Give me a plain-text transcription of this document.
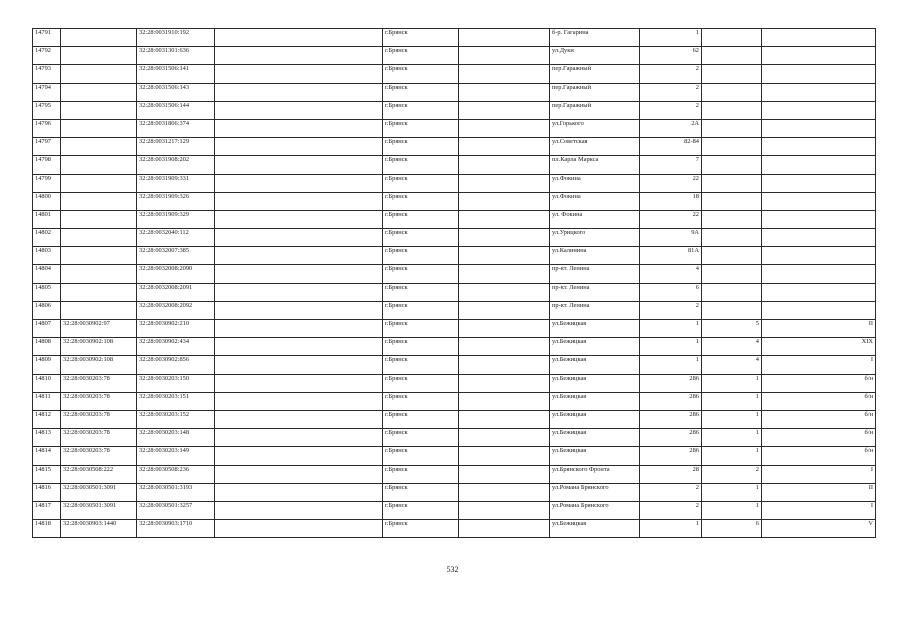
14791		32:28:0031910:192		г.Брянск		б-р. Гагарина	1		
14792		32:28:0031301:636		г.Брянск		ул.Дуки	62		
14793		32:28:0031506:141		г.Брянск		пер.Гаражный	2		
14794		32:28:0031506:143		г.Брянск		пер.Гаражный	2		
14795		32:28:0031506:144		г.Брянск		пер.Гаражный	2		
14796		32:28:0031806:374		г.Брянск		ул.Горького	2А		
14797		32:28:0031217:129		г.Брянск		ул.Советская	82-84		
14798		32:28:0031908:202		г.Брянск		пл.Карла Маркса	7		
14799		32:28:0031909:331		г.Брянск		ул.Фокина	22		
14800		32:28:0031909:326		г.Брянск		ул.Фокина	18		
14801		32:28:0031909:329		г.Брянск		ул. Фокина	22		
14802		32:28:0032040:112		г.Брянск		ул.Урицкого	9А		
14803		32:28:0032007:385		г.Брянск		ул.Калинина	81А		
14804		32:28:0032008:2090		г.Брянск		пр-кт. Ленина	4		
14805		32:28:0032008:2091		г.Брянск		пр-кт. Ленина	6		
14806		32:28:0032008:2092		г.Брянск		пр-кт. Ленина	2		
14807	32:28:0030902:97	32:28:0030902:210		г.Брянск		ул.Бежицкая	1	5	II
14808	32:28:0030902:108	32:28:0030902:434		г.Брянск		ул.Бежицкая	1	4	XIX
14809	32:28:0030902:108	32:28:0030902:856		г.Брянск		ул.Бежицкая	1	4	I
14810	32:28:0030203:78	32:28:0030203:150		г.Брянск		ул.Бежицкая	286	1	б/н
14811	32:28:0030203:78	32:28:0030203:151		г.Брянск		ул.Бежицкая	286	1	б/н
14812	32:28:0030203:78	32:28:0030203:152		г.Брянск		ул.Бежицкая	286	1	б/н
14813	32:28:0030203:78	32:28:0030203:148		г.Брянск		ул.Бежицкая	286	1	б/н
14814	32:28:0030203:78	32:28:0030203:149		г.Брянск		ул.Бежицкая	286	1	б/н
14815	32:28:0030508:222	32:28:0030508:236		г.Брянск		ул.Брянского Фронта	28	2	I
14816	32:28:0030501:3091	32:28:0030501:3193		г.Брянск		ул.Романа Брянского	2	1	II
14817	32:28:0030501:3091	32:28:0030501:3257		г.Брянск		ул.Романа Брянского	2	1	I
14818	32:28:0030903:1440	32:28:0030903:1710		г.Брянск		ул.Бежицкая	1	6	V
532
